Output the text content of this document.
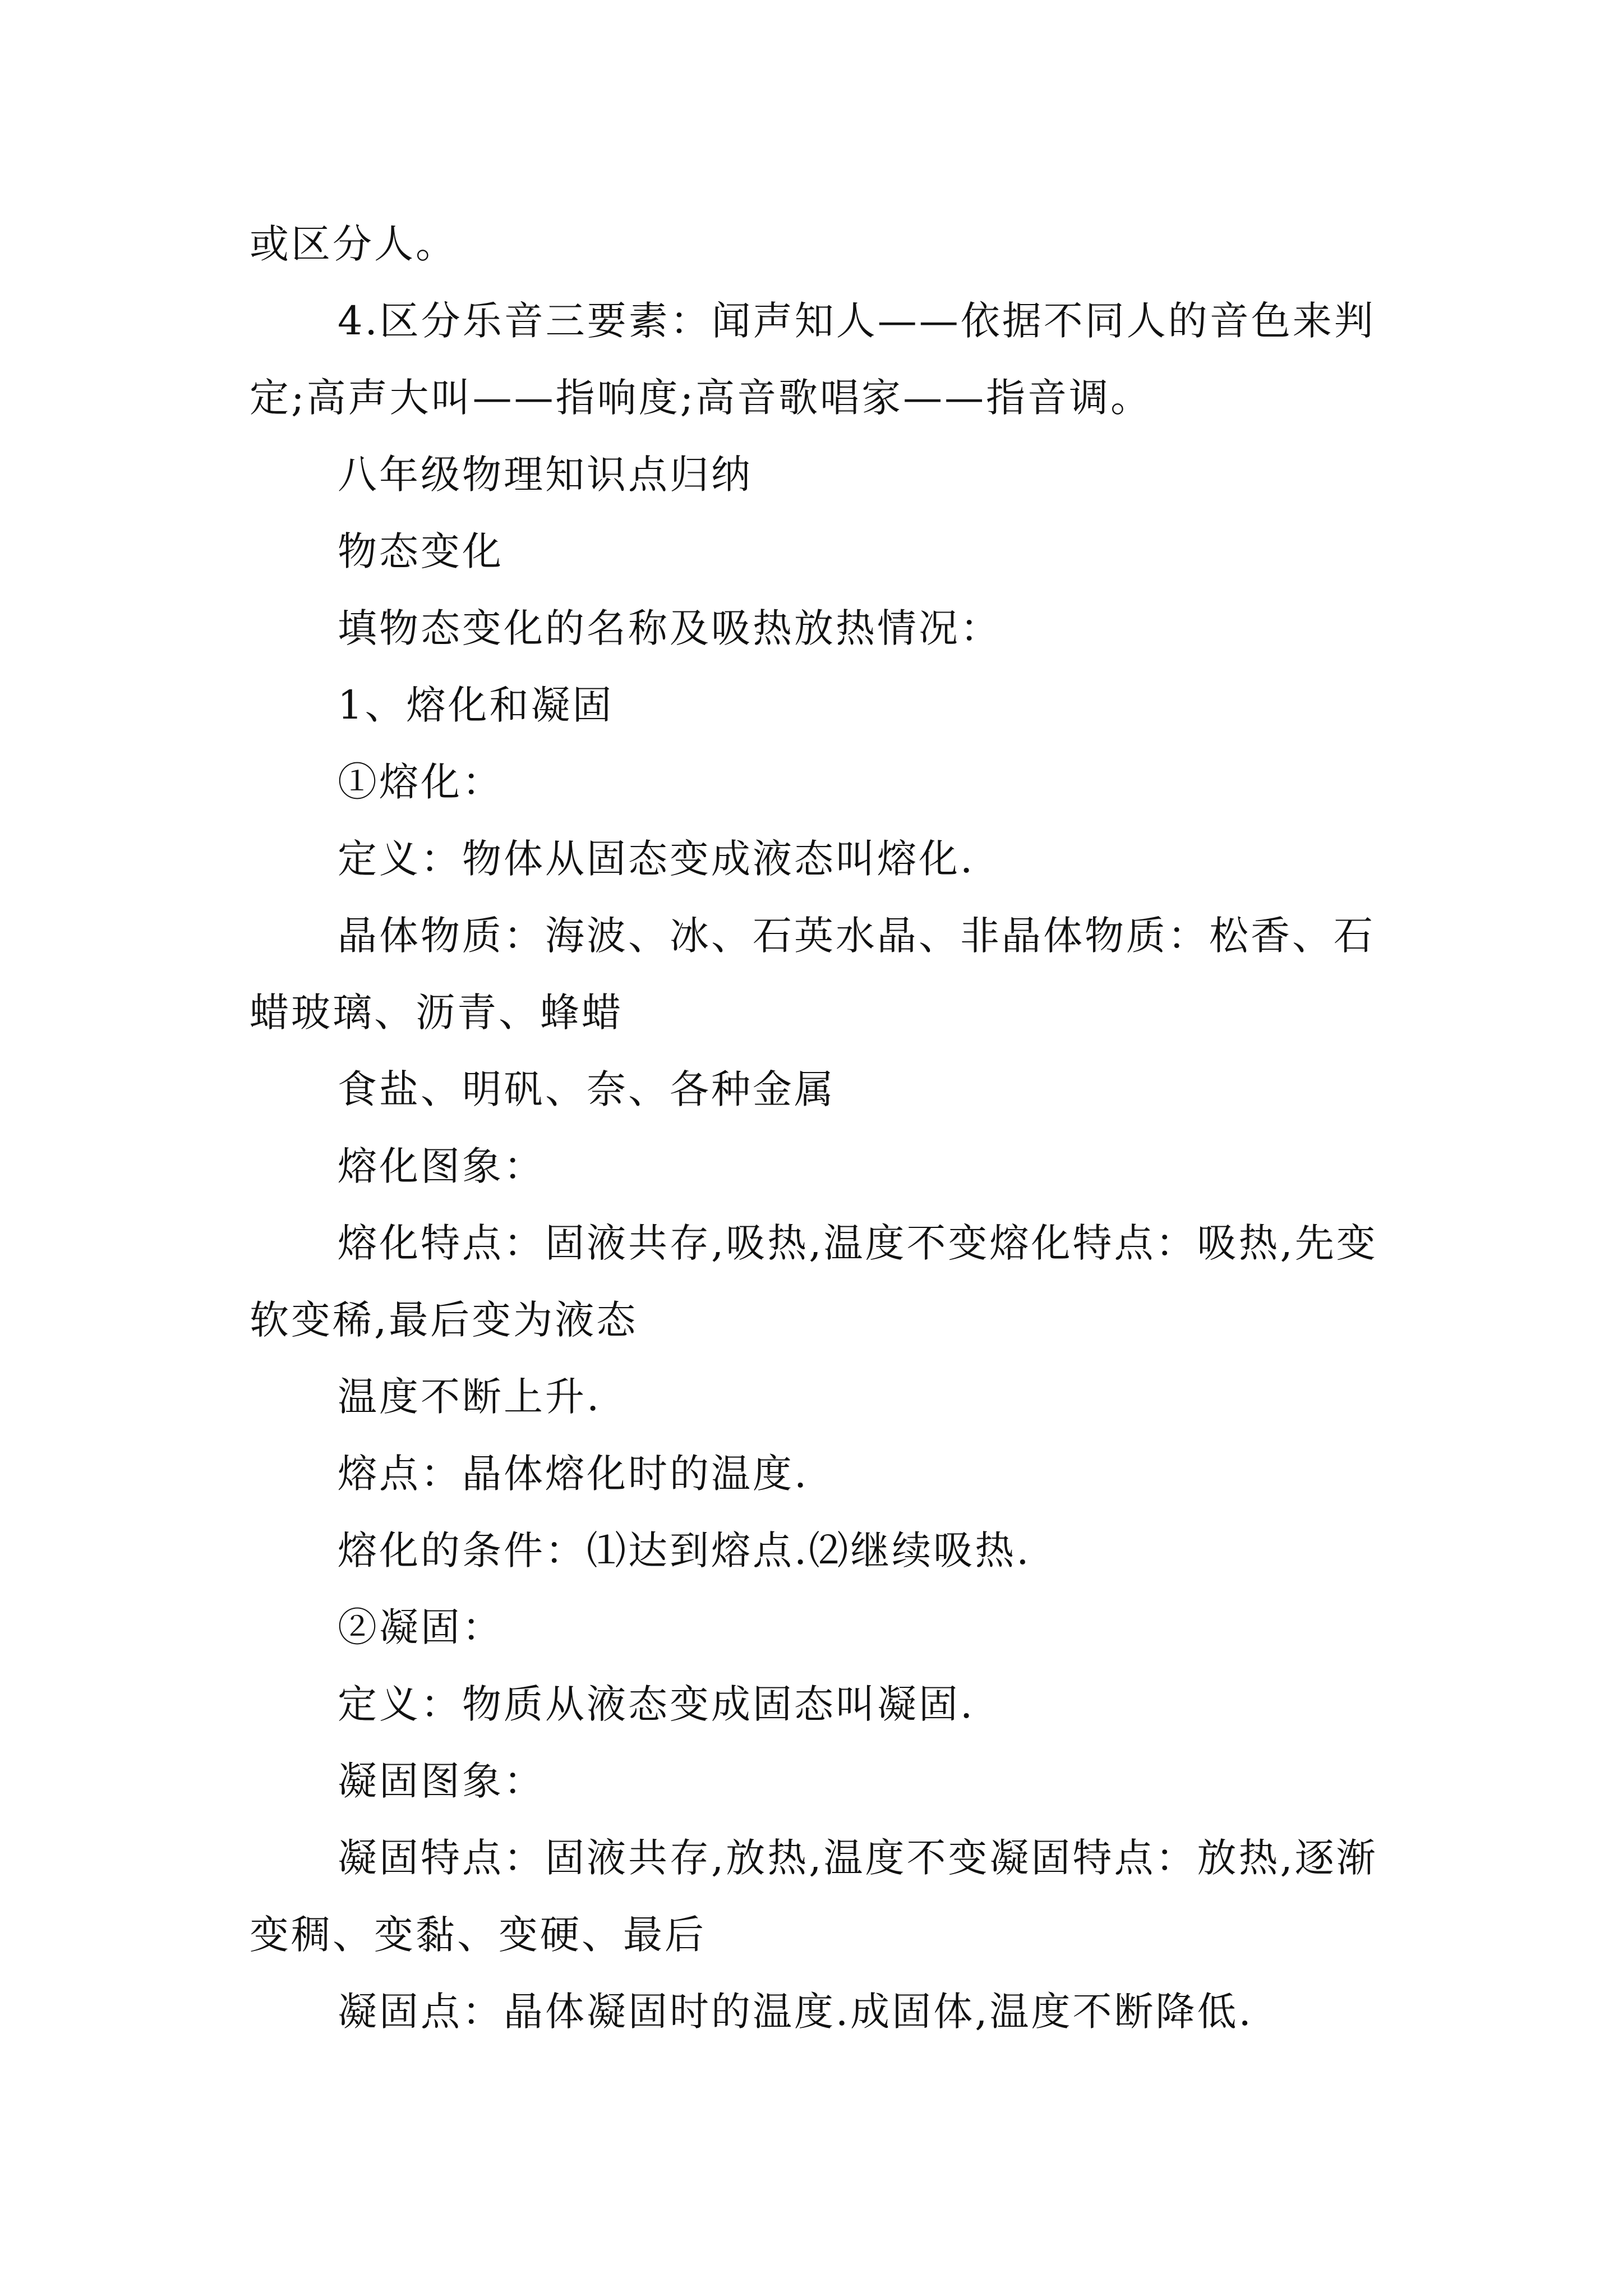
或区分人。

4.区分乐音三要素：闻声知人——依据不同人的音色来判定;高声大叫——指响度;高音歌唱家——指音调。

八年级物理知识点归纳

物态变化

填物态变化的名称及吸热放热情况：

1、熔化和凝固

①熔化：

定义：物体从固态变成液态叫熔化.

晶体物质：海波、冰、石英水晶、非晶体物质：松香、石蜡玻璃、沥青、蜂蜡

食盐、明矾、奈、各种金属

熔化图象：

熔化特点：固液共存,吸热,温度不变熔化特点：吸热,先变软变稀,最后变为液态

温度不断上升.

熔点：晶体熔化时的温度.

熔化的条件：⑴达到熔点.⑵继续吸热.

②凝固：

定义：物质从液态变成固态叫凝固.

凝固图象：

凝固特点：固液共存,放热,温度不变凝固特点：放热,逐渐变稠、变黏、变硬、最后

凝固点：晶体凝固时的温度.成固体,温度不断降低.
